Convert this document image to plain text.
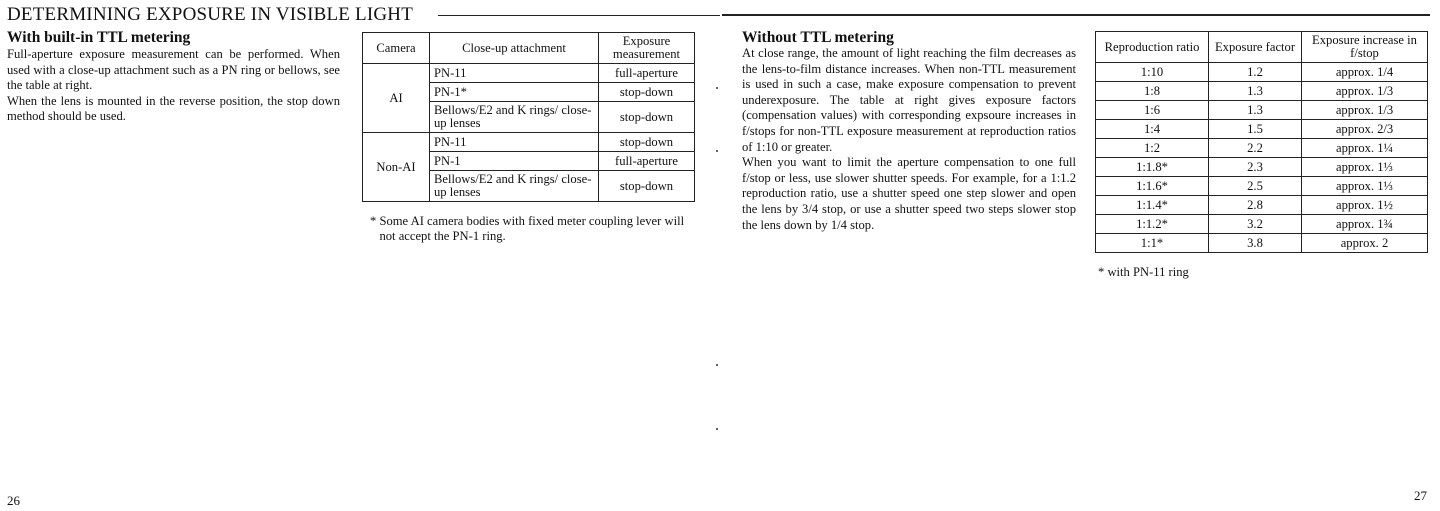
DETERMINING EXPOSURE IN VISIBLE LIGHT
With built-in TTL metering

Full-aperture exposure measurement can be performed. When used with a close-up attachment such as a PN ring or bellows, see the table at right.

When the lens is mounted in the reverse position, the stop down method should be used.

Camera	Close-up attachment	Exposure measurement
AI	PN-11	full-aperture
	PN-1*	stop-down
	Bellows/E2 and K rings/ close-up lenses	stop-down
Non-AI	PN-11	stop-down
	PN-1	full-aperture
	Bellows/E2 and K rings/ close-up lenses	stop-down
* Some AI camera bodies with fixed meter coupling lever will not accept the PN-1 ring.
Without TTL metering

At close range, the amount of light reaching the film decreases as the lens-to-film distance increases. When non-TTL measurement is used in such a case, make exposure compensation to prevent underexposure. The table at right gives exposure factors (compensation values) with corresponding expsoure increases in f/stops for non-TTL exposure measurement at reproduction ratios of 1:10 or greater.

When you want to limit the aperture compensation to one full f/stop or less, use slower shutter speeds. For example, for a 1:1.2 reproduction ratio, use a shutter speed one step slower and open the lens by 3/4 stop, or use a shutter speed two steps slower stop the lens down by 1/4 stop.

Reproduction ratio	Exposure factor	Exposure increase in f/stop
1:10	1.2	approx. 1/4
1:8	1.3	approx. 1/3
1:6	1.3	approx. 1/3
1:4	1.5	approx. 2/3
1:2	2.2	approx. 1¼
1:1.8*	2.3	approx. 1⅓
1:1.6*	2.5	approx. 1⅓
1:1.4*	2.8	approx. 1½
1:1.2*	3.2	approx. 1¾
1:1*	3.8	approx. 2
* with PN-11 ring
26	27
